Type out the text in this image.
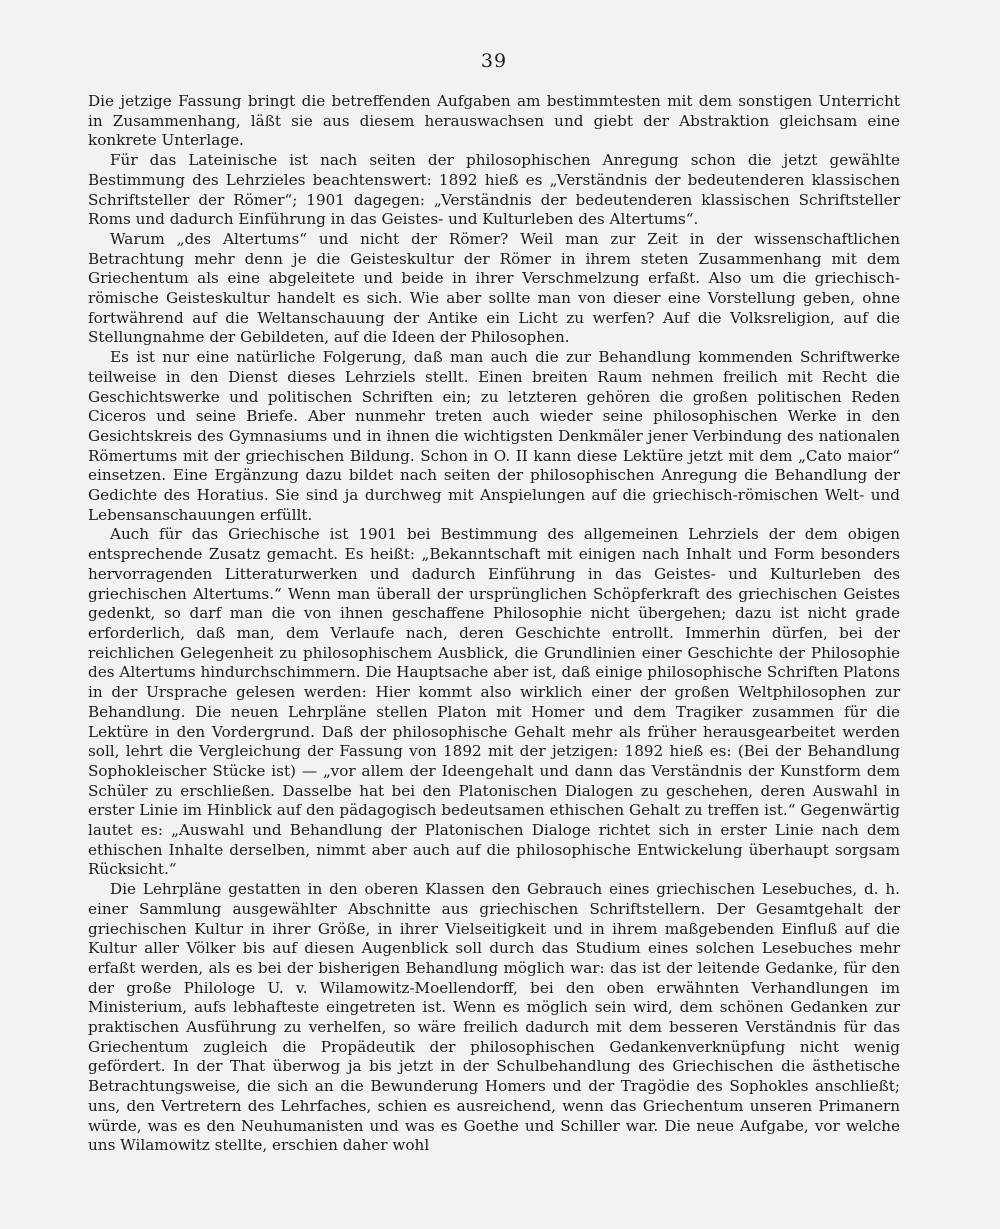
39

Die jetzige Fassung bringt die betreffenden Aufgaben am bestimmtesten mit dem sonstigen Unterricht in Zusammenhang, läßt sie aus diesem herauswachsen und giebt der Abstraktion gleichsam eine konkrete Unterlage.

Für das Lateinische ist nach seiten der philosophischen Anregung schon die jetzt gewählte Bestimmung des Lehrzieles beachtenswert: 1892 hieß es „Verständnis der bedeutenderen klassischen Schriftsteller der Römer“; 1901 dagegen: „Verständnis der bedeutenderen klassischen Schriftsteller Roms und dadurch Einführung in das Geistes- und Kulturleben des Altertums“.

Warum „des Altertums“ und nicht der Römer? Weil man zur Zeit in der wissenschaftlichen Betrachtung mehr denn je die Geisteskultur der Römer in ihrem steten Zusammenhang mit dem Griechentum als eine abgeleitete und beide in ihrer Verschmelzung erfaßt. Also um die griechisch-römische Geisteskultur handelt es sich. Wie aber sollte man von dieser eine Vorstellung geben, ohne fortwährend auf die Weltanschauung der Antike ein Licht zu werfen? Auf die Volksreligion, auf die Stellungnahme der Gebildeten, auf die Ideen der Philosophen.

Es ist nur eine natürliche Folgerung, daß man auch die zur Behandlung kommenden Schriftwerke teilweise in den Dienst dieses Lehrziels stellt. Einen breiten Raum nehmen freilich mit Recht die Geschichtswerke und politischen Schriften ein; zu letzteren gehören die großen politischen Reden Ciceros und seine Briefe. Aber nunmehr treten auch wieder seine philosophischen Werke in den Gesichtskreis des Gymnasiums und in ihnen die wichtigsten Denkmäler jener Verbindung des nationalen Römertums mit der griechischen Bildung. Schon in O. II kann diese Lektüre jetzt mit dem „Cato maior“ einsetzen. Eine Ergänzung dazu bildet nach seiten der philosophischen Anregung die Behandlung der Gedichte des Horatius. Sie sind ja durchweg mit Anspielungen auf die griechisch-römischen Welt- und Lebensanschauungen erfüllt.

Auch für das Griechische ist 1901 bei Bestimmung des allgemeinen Lehrziels der dem obigen entsprechende Zusatz gemacht. Es heißt: „Bekanntschaft mit einigen nach Inhalt und Form besonders hervorragenden Litteraturwerken und dadurch Einführung in das Geistes- und Kulturleben des griechischen Altertums.“ Wenn man überall der ursprünglichen Schöpferkraft des griechischen Geistes gedenkt, so darf man die von ihnen geschaffene Philosophie nicht übergehen; dazu ist nicht grade erforderlich, daß man, dem Verlaufe nach, deren Geschichte entrollt. Immerhin dürfen, bei der reichlichen Gelegenheit zu philosophischem Ausblick, die Grundlinien einer Geschichte der Philosophie des Altertums hindurchschimmern. Die Hauptsache aber ist, daß einige philosophische Schriften Platons in der Ursprache gelesen werden: Hier kommt also wirklich einer der großen Weltphilosophen zur Behandlung. Die neuen Lehrpläne stellen Platon mit Homer und dem Tragiker zusammen für die Lektüre in den Vordergrund. Daß der philosophische Gehalt mehr als früher herausgearbeitet werden soll, lehrt die Vergleichung der Fassung von 1892 mit der jetzigen: 1892 hieß es: (Bei der Behandlung Sophokleischer Stücke ist) — „vor allem der Ideengehalt und dann das Verständnis der Kunstform dem Schüler zu erschließen. Dasselbe hat bei den Platonischen Dialogen zu geschehen, deren Auswahl in erster Linie im Hinblick auf den pädagogisch bedeutsamen ethischen Gehalt zu treffen ist.“ Gegenwärtig lautet es: „Auswahl und Behandlung der Platonischen Dialoge richtet sich in erster Linie nach dem ethischen Inhalte derselben, nimmt aber auch auf die philosophische Entwickelung überhaupt sorgsam Rücksicht.“

Die Lehrpläne gestatten in den oberen Klassen den Gebrauch eines griechischen Lesebuches, d. h. einer Sammlung ausgewählter Abschnitte aus griechischen Schriftstellern. Der Gesamtgehalt der griechischen Kultur in ihrer Größe, in ihrer Vielseitigkeit und in ihrem maßgebenden Einfluß auf die Kultur aller Völker bis auf diesen Augenblick soll durch das Studium eines solchen Lesebuches mehr erfaßt werden, als es bei der bisherigen Behandlung möglich war: das ist der leitende Gedanke, für den der große Philologe U. v. Wilamowitz-Moellendorff, bei den oben erwähnten Verhandlungen im Ministerium, aufs lebhafteste eingetreten ist. Wenn es möglich sein wird, dem schönen Gedanken zur praktischen Ausführung zu verhelfen, so wäre freilich dadurch mit dem besseren Verständnis für das Griechentum zugleich die Propädeutik der philosophischen Gedankenverknüpfung nicht wenig gefördert. In der That überwog ja bis jetzt in der Schulbehandlung des Griechischen die ästhetische Betrachtungsweise, die sich an die Bewunderung Homers und der Tragödie des Sophokles anschließt; uns, den Vertretern des Lehrfaches, schien es ausreichend, wenn das Griechentum unseren Primanern würde, was es den Neuhumanisten und was es Goethe und Schiller war. Die neue Aufgabe, vor welche uns Wilamowitz stellte, erschien daher wohl
